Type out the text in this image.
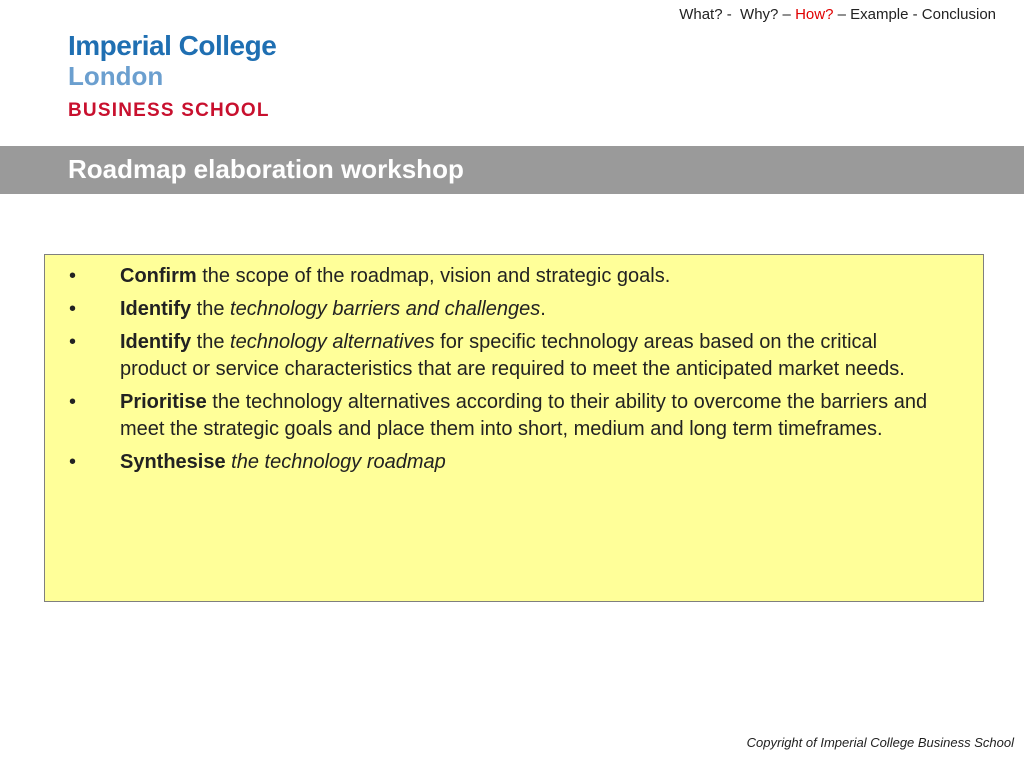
What? -  Why? – How? – Example - Conclusion
Imperial College
London
BUSINESS SCHOOL
Roadmap elaboration workshop
• Confirm the scope of the roadmap, vision and strategic goals.
• Identify the technology barriers and challenges.
• Identify the technology alternatives for specific technology areas based on the critical product or service characteristics that are required to meet the anticipated market needs.
• Prioritise the technology alternatives according to their ability to overcome the barriers and meet the strategic goals and place them into short, medium and long term timeframes.
• Synthesise the technology roadmap
Copyright of Imperial College Business School
